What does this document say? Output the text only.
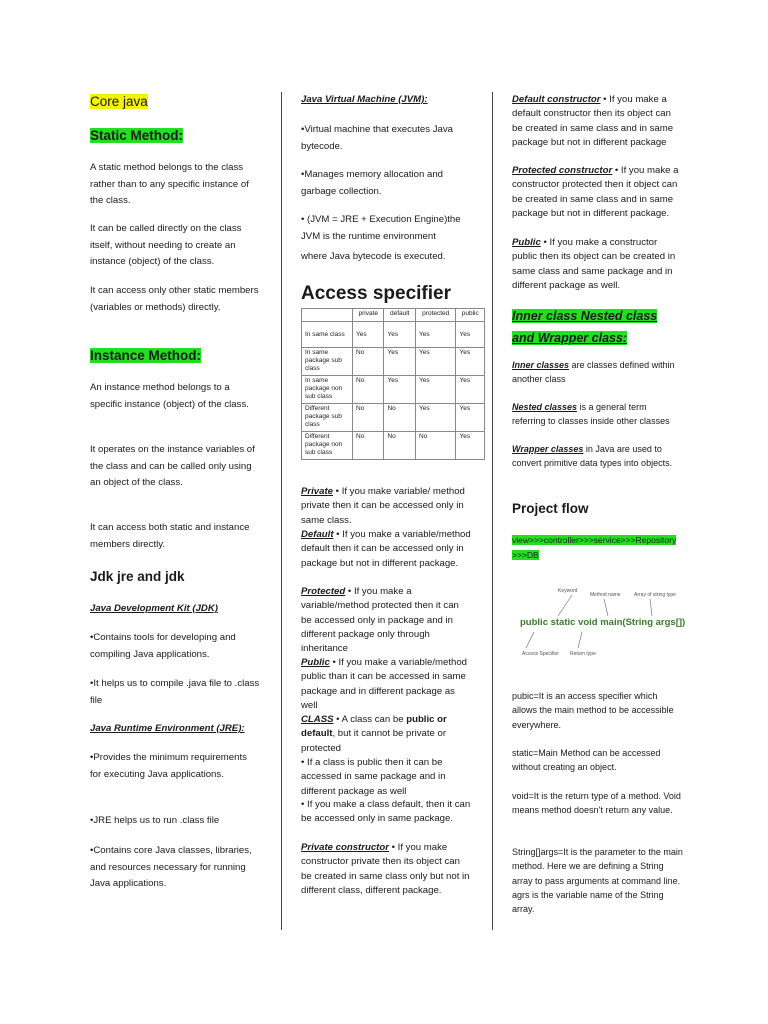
Core java

Static Method:

A static method belongs to the class rather than to any specific instance of the class.

It can be called directly on the class itself, without needing to create an instance (object) of the class.

It can access only other static members (variables or methods) directly.

Instance Method:

An instance method belongs to a specific instance (object) of the class.

It operates on the instance variables of the class and can be called only using an object of the class.

It can access both static and instance members directly.

Jdk jre and jdk

Java Development Kit (JDK)

•Contains tools for developing and compiling Java applications.

•It helps us to compile .java file to .class file

Java Runtime Environment (JRE):

•Provides the minimum requirements for executing Java applications.

•JRE helps us to run .class file

•Contains core Java classes, libraries, and resources necessary for running Java applications.

Java Virtual Machine (JVM):

•Virtual machine that executes Java bytecode.

•Manages memory allocation and garbage collection.

• (JVM = JRE + Execution Engine)the JVM is the runtime environment

where Java bytecode is executed.

Access specifier

	private	default	protected	public
In same class	Yes	Yes	Yes	Yes
In same package sub class	No	Yes	Yes	Yes
In same package non sub class	No	Yes	Yes	Yes
Different package sub class	No	No	Yes	Yes
Different package non sub class	No	No	No	Yes

Private • If you make variable/ method private then it can be accessed only in same class.

Default • If you make a variable/method default then it can be accessed only in package but not in different package.

Protected • If you make a variable/method protected then it can be accessed only in package and in different package only through inheritance

Public • If you make a variable/method public than it can be accessed in same package and in different package as well

CLASS • A class can be public or default, but it cannot be private or protected

• If a class is public then it can be accessed in same package and in different package as well

• If you make a class default, then it can be accessed only in same package.

Private constructor • If you make constructor private then its object can be created in same class only but not in different class, different package.

Default constructor • If you make a default constructor then its object can be created in same class and in same package but not in different package

Protected constructor • If you make a constructor protected then it object can be created in same class and in same package but not in different package.

Public • If you make a constructor public then its object can be created in same class and same package and in different package as well.

Inner class Nested class and Wrapper class:

Inner classes are classes defined within another class

Nested classes is a general term referring to classes inside other classes

Wrapper classes in Java are used to convert primitive data types into objects.

Project flow

view>>>controller>>>service>>>Repository>>>DB

Keyword
Method name	Array of string type
public static void main(String args[])
Access Specifier Return type

pubic=It is an access specifier which allows the main method to be accessible everywhere.

static=Main Method can be accessed without creating an object.

void=It is the return type of a method. Void means method doesn’t return any value.

String[]args=It is the parameter to the main method. Here we are defining a String array to pass arguments at command line. agrs is the variable name of the String array.
